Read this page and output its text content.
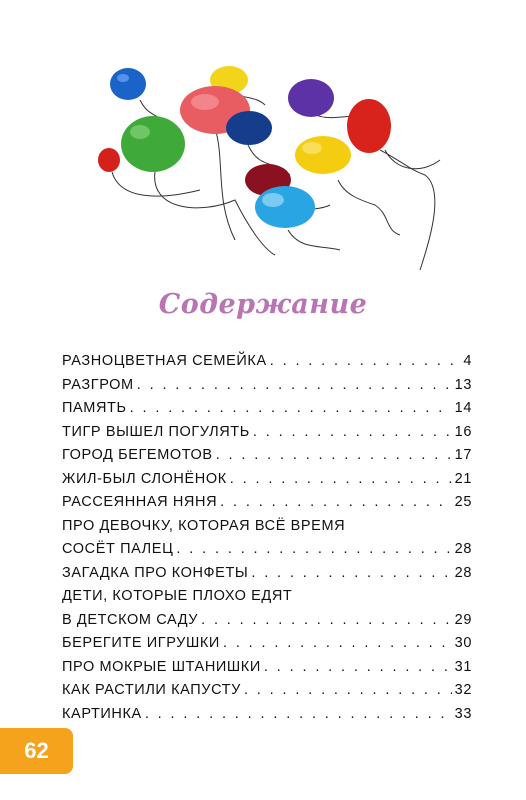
Содержание
РАЗНОЦВЕТНАЯ СЕМЕЙКА . . .	4
РАЗГРОМ . . .	13
ПАМЯТЬ . . .	14
ТИГР ВЫШЕЛ ПОГУЛЯТЬ . . .	16
ГОРОД БЕГЕМОТОВ . . .	17
ЖИЛ-БЫЛ СЛОНЁНОК . . .	21
РАССЕЯННАЯ НЯНЯ . . .	25
ПРО ДЕВОЧКУ, КОТОРАЯ ВСЁ ВРЕМЯ
СОСЁТ ПАЛЕЦ . . .	28
ЗАГАДКА ПРО КОНФЕТЫ . . .	28
ДЕТИ, КОТОРЫЕ ПЛОХО ЕДЯТ
В ДЕТСКОМ САДУ . . .	29
БЕРЕГИТЕ ИГРУШКИ . . .	30
ПРО МОКРЫЕ ШТАНИШКИ . . .	31
КАК РАСТИЛИ КАПУСТУ . . .	32
КАРТИНКА . . .	33
62
